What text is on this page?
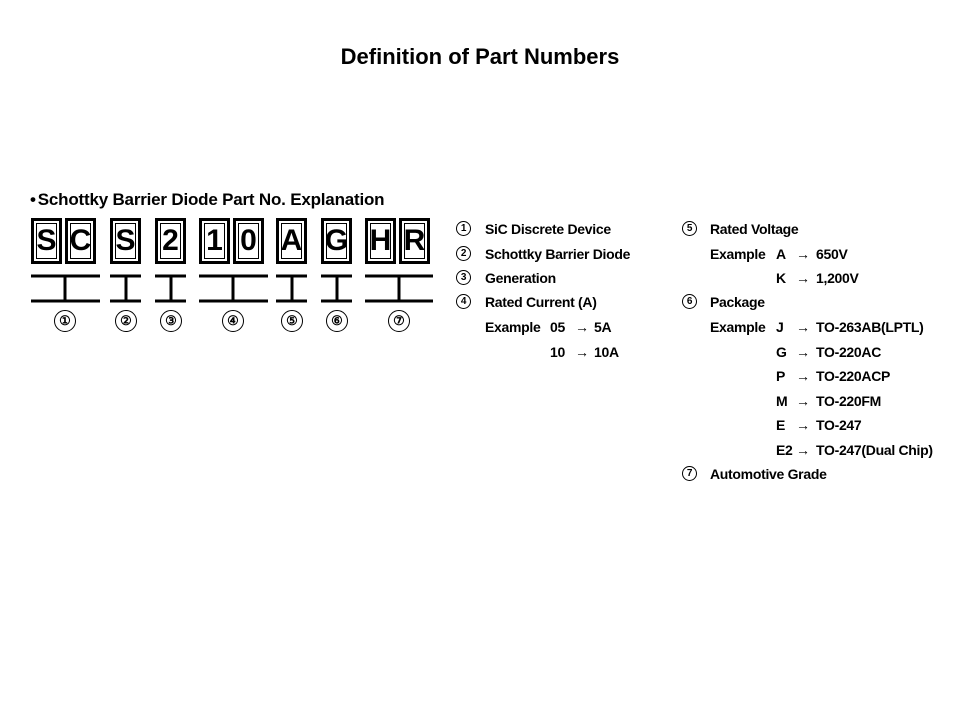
Definition of Part Numbers
• Schottky Barrier Diode Part No. Explanation
S C S 2 1 0 A G H R
①	②	③	④	⑤	⑥	⑦
1	SiC Discrete Device
2	Schottky Barrier Diode
3	Generation
4	Rated Current (A)
Example 05 → 5A
10 → 10A
5	Rated Voltage
Example A → 650V
K → 1,200V
6	Package
Example J → TO-263AB(LPTL)
G → TO-220AC
P → TO-220ACP
M → TO-220FM
E → TO-247
E2 → TO-247(Dual Chip)
7	Automotive Grade
